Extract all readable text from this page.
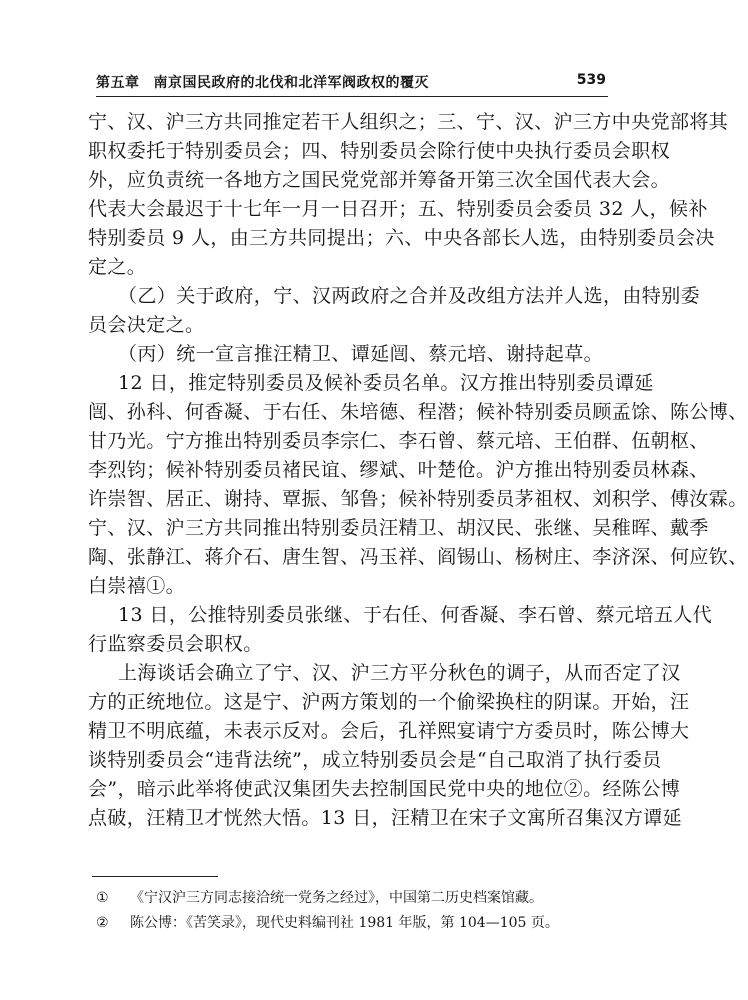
第五章 南京国民政府的北伐和北洋军阀政权的覆灭	539
宁、汉、沪三方共同推定若干人组织之；三、宁、汉、沪三方中央党部将其
职权委托于特别委员会；四、特别委员会除行使中央执行委员会职权
外，应负责统一各地方之国民党党部并筹备开第三次全国代表大会。
代表大会最迟于十七年一月一日召开；五、特别委员会委员 32 人，候补
特别委员 9 人，由三方共同提出；六、中央各部长人选，由特别委员会决
定之。
（乙）关于政府，宁、汉两政府之合并及改组方法并人选，由特别委
员会决定之。
（丙）统一宣言推汪精卫、谭延闿、蔡元培、谢持起草。
12 日，推定特别委员及候补委员名单。汉方推出特别委员谭延
闿、孙科、何香凝、于右任、朱培德、程潜；候补特别委员顾孟馀、陈公博、
甘乃光。宁方推出特别委员李宗仁、李石曾、蔡元培、王伯群、伍朝枢、
李烈钧；候补特别委员褚民谊、缪斌、叶楚伧。沪方推出特别委员林森、
许崇智、居正、谢持、覃振、邹鲁；候补特别委员茅祖权、刘积学、傅汝霖。
宁、汉、沪三方共同推出特别委员汪精卫、胡汉民、张继、吴稚晖、戴季
陶、张静江、蒋介石、唐生智、冯玉祥、阎锡山、杨树庄、李济深、何应钦、
白崇禧①。
13 日，公推特别委员张继、于右任、何香凝、李石曾、蔡元培五人代
行监察委员会职权。
上海谈话会确立了宁、汉、沪三方平分秋色的调子，从而否定了汉
方的正统地位。这是宁、沪两方策划的一个偷梁换柱的阴谋。开始，汪
精卫不明底蕴，未表示反对。会后，孔祥熙宴请宁方委员时，陈公博大
谈特别委员会“违背法统”，成立特别委员会是“自己取消了执行委员
会”，暗示此举将使武汉集团失去控制国民党中央的地位②。经陈公博
点破，汪精卫才恍然大悟。13 日，汪精卫在宋子文寓所召集汉方谭延
① 《宁汉沪三方同志接洽统一党务之经过》，中国第二历史档案馆藏。
② 陈公博：《苦笑录》，现代史料编刊社 1981 年版，第 104—105 页。
